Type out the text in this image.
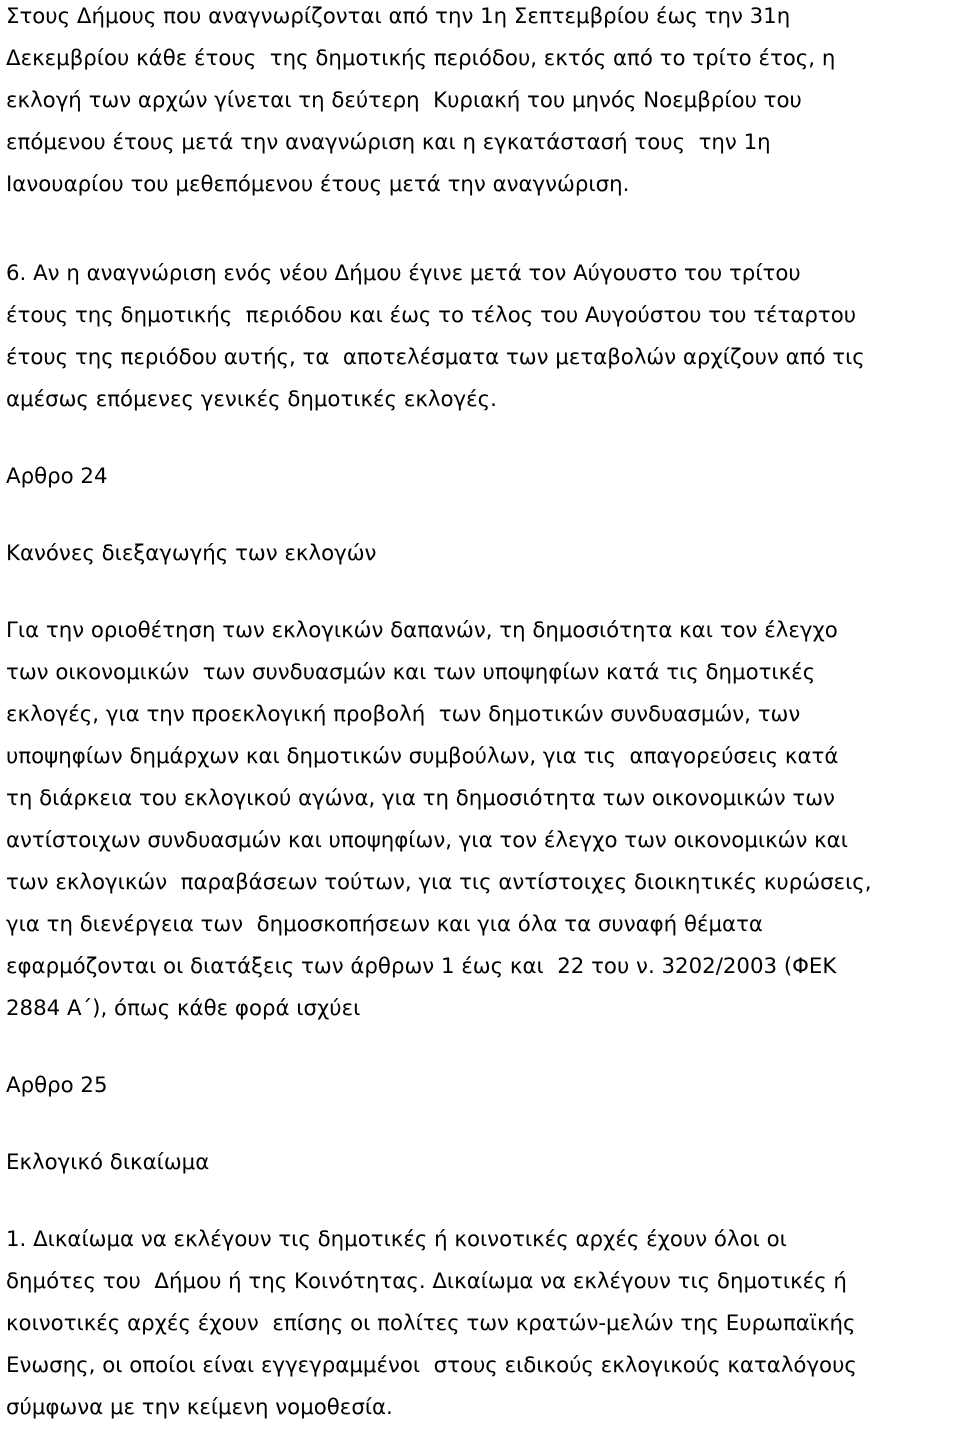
Στους Δήμους που αναγνωρίζονται από την 1η Σεπτεμβρίου έως την 31η
Δεκεμβρίου κάθε έτους  της δημοτικής περιόδου, εκτός από το τρίτο έτος, η
εκλογή των αρχών γίνεται τη δεύτερη  Κυριακή του μηνός Νοεμβρίου του
επόμενου έτους μετά την αναγνώριση και η εγκατάστασή τους  την 1η
Ιανουαρίου του μεθεπόμενου έτους μετά την αναγνώριση.
6. Αν η αναγνώριση ενός νέου Δήμου έγινε μετά τον Αύγουστο του τρίτου
έτους της δημοτικής  περιόδου και έως το τέλος του Αυγούστου του τέταρτου
έτους της περιόδου αυτής, τα  αποτελέσματα των μεταβολών αρχίζουν από τις
αμέσως επόμενες γενικές δημοτικές εκλογές.

Αρθρο 24

Κανόνες διεξαγωγής των εκλογών

Για την οριοθέτηση των εκλογικών δαπανών, τη δημοσιότητα και τον έλεγχο
των οικονομικών  των συνδυασμών και των υποψηφίων κατά τις δημοτικές
εκλογές, για την προεκλογική προβολή  των δημοτικών συνδυασμών, των
υποψηφίων δημάρχων και δημοτικών συμβούλων, για τις  απαγορεύσεις κατά
τη διάρκεια του εκλογικού αγώνα, για τη δημοσιότητα των οικονομικών των
αντίστοιχων συνδυασμών και υποψηφίων, για τον έλεγχο των οικονομικών και
των εκλογικών  παραβάσεων τούτων, για τις αντίστοιχες διοικητικές κυρώσεις,
για τη διενέργεια των  δημοσκοπήσεων και για όλα τα συναφή θέματα
εφαρμόζονται οι διατάξεις των άρθρων 1 έως και  22 του ν. 3202/2003 (ΦΕΚ
2884 Α΄), όπως κάθε φορά ισχύει

Αρθρο 25

Εκλογικό δικαίωμα

1. Δικαίωμα να εκλέγουν τις δημοτικές ή κοινοτικές αρχές έχουν όλοι οι
δημότες του  Δήμου ή της Κοινότητας. Δικαίωμα να εκλέγουν τις δημοτικές ή
κοινοτικές αρχές έχουν  επίσης οι πολίτες των κρατών-μελών της Ευρωπαϊκής
Ενωσης, οι οποίοι είναι εγγεγραμμένοι  στους ειδικούς εκλογικούς καταλόγους
σύμφωνα με την κείμενη νομοθεσία.
